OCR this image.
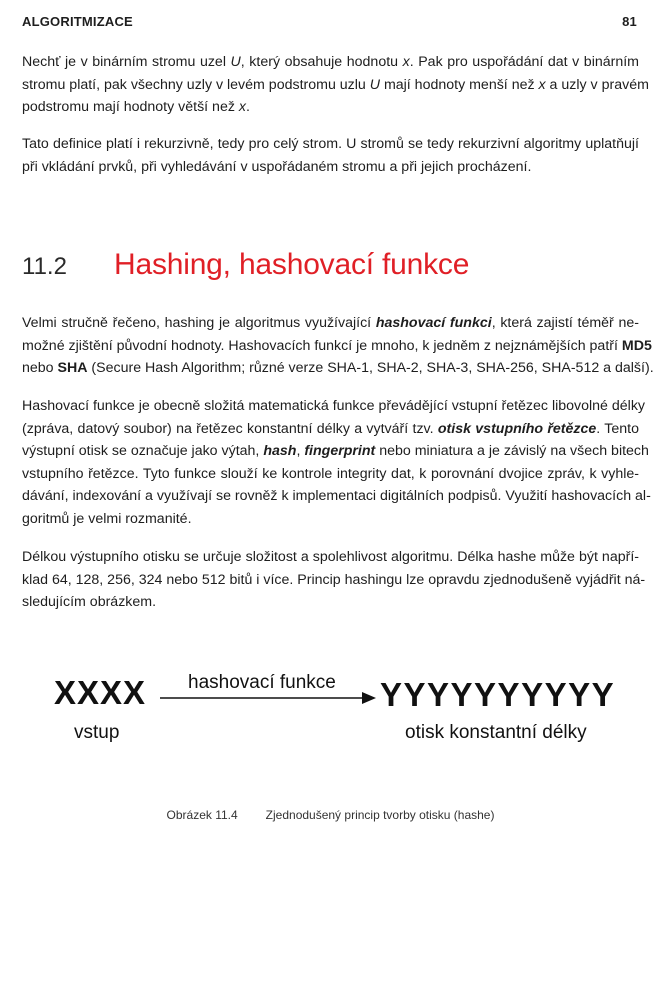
ALGORITMIZACE	81

Nechť je v binárním stromu uzel U, který obsahuje hodnotu x. Pak pro uspořádání dat v binárním
stromu platí, pak všechny uzly v levém podstromu uzlu U mají hodnoty menší než x a uzly v pravém
podstromu mají hodnoty větší než x.

Tato definice platí i rekurzivně, tedy pro celý strom. U stromů se tedy rekurzivní algoritmy uplatňují
při vkládání prvků, při vyhledávání v uspořádaném stromu a při jejich procházení.

11.2	Hashing, hashovací funkce

Velmi stručně řečeno, hashing je algoritmus využívající hashovací funkci, která zajistí téměř ne-
možné zjištění původní hodnoty. Hashovacích funkcí je mnoho, k jedněm z nejznámějších patří MD5
nebo SHA (Secure Hash Algorithm; různé verze SHA-1, SHA-2, SHA-3, SHA-256, SHA-512 a další).

Hashovací funkce je obecně složitá matematická funkce převádějící vstupní řetězec libovolné délky
(zpráva, datový soubor) na řetězec konstantní délky a vytváří tzv. otisk vstupního řetězce. Tento
výstupní otisk se označuje jako výtah, hash, fingerprint nebo miniatura a je závislý na všech bitech
vstupního řetězce. Tyto funkce slouží ke kontrole integrity dat, k porovnání dvojice zpráv, k vyhle-
dávání, indexování a využívají se rovněž k implementaci digitálních podpisů. Využití hashovacích al-
goritmů je velmi rozmanité.

Délkou výstupního otisku se určuje složitost a spolehlivost algoritmu. Délka hashe může být napří-
klad 64, 128, 256, 324 nebo 512 bitů i více. Princip hashingu lze opravdu zjednodušeně vyjádřit ná-
sledujícím obrázkem.

XXXX
vstup
hashovací funkce YYYYYYYYYY
otisk konstantní délky
Obrázek 11.4 Zjednodušený princip tvorby otisku (hashe)
